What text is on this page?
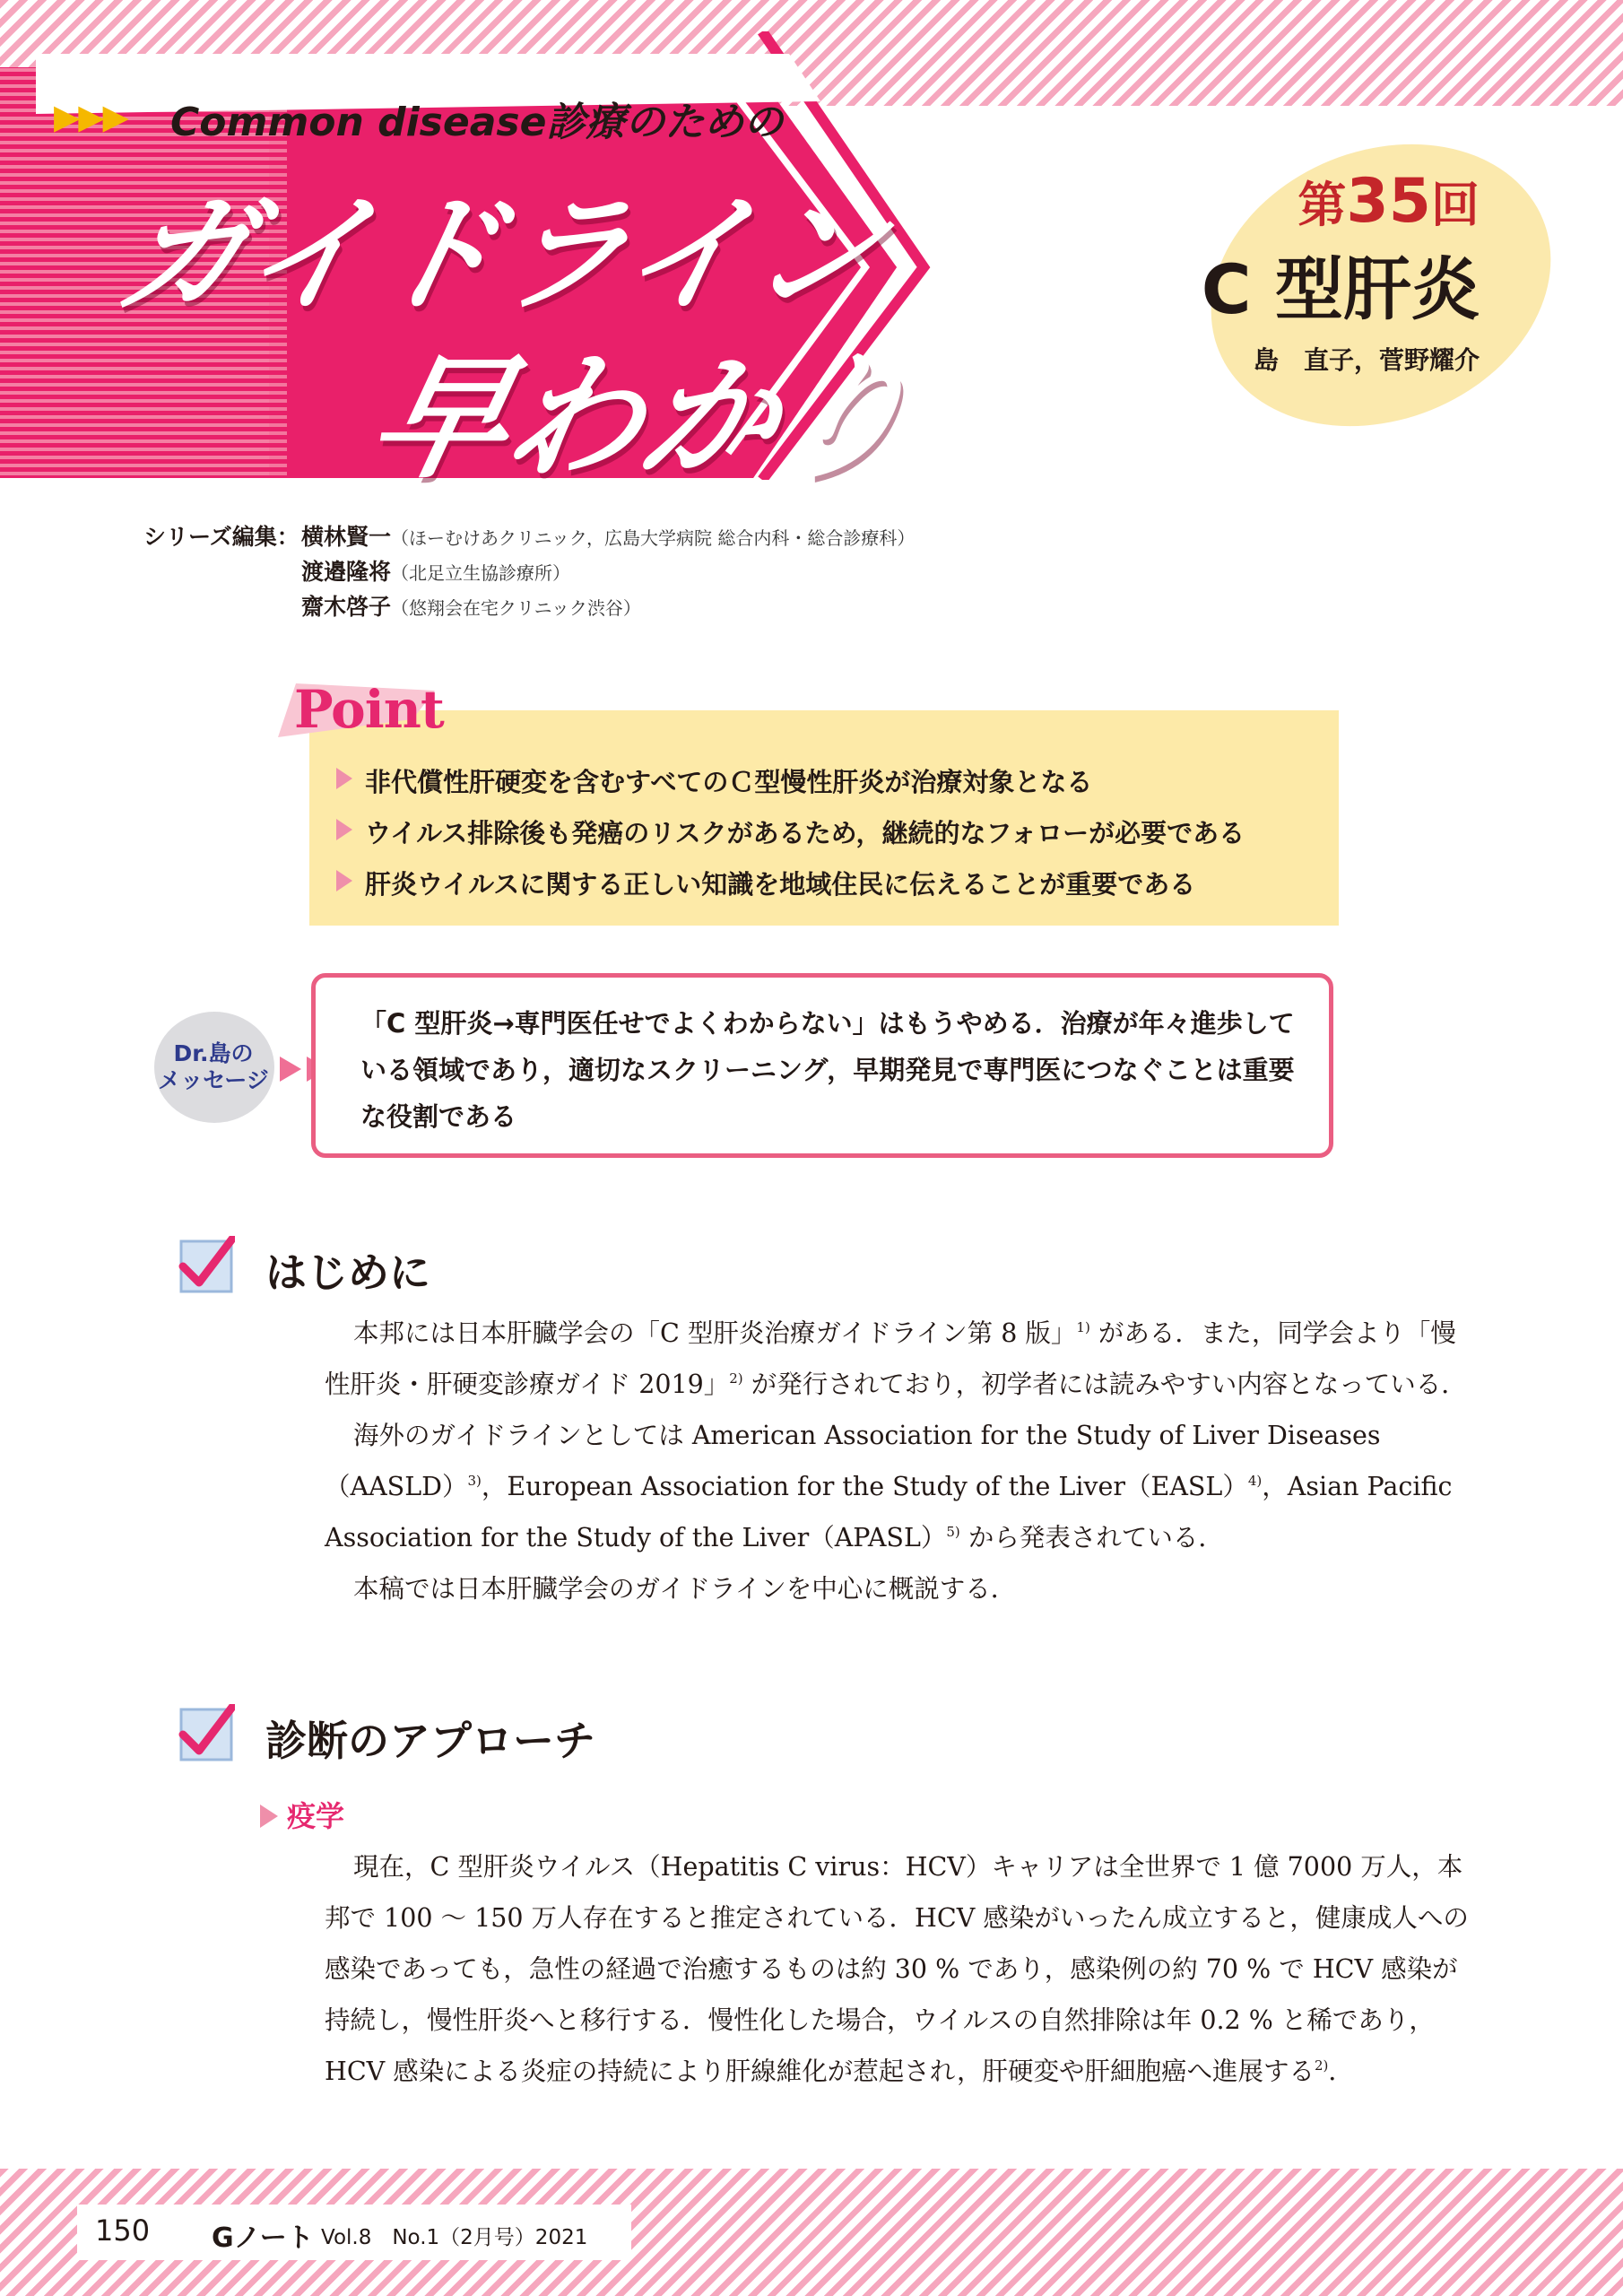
▶▶▶ Common disease診療のための
ガイドライン
早わかり
第35回
C 型肝炎
島　直子，菅野耀介
シリーズ編集：横林賢一（ほーむけあクリニック，広島大学病院 総合内科・総合診療科）
渡邉隆将（北足立生協診療所）
齋木啓子（悠翔会在宅クリニック渋谷）
Point
非代償性肝硬変を含むすべてのＣ型慢性肝炎が治療対象となる
ウイルス排除後も発癌のリスクがあるため，継続的なフォローが必要である
肝炎ウイルスに関する正しい知識を地域住民に伝えることが重要である
Dr.島の
メッセージ
「C 型肝炎→専門医任せでよくわからない」はもうやめる．治療が年々進歩して
いる領域であり，適切なスクリーニング，早期発見で専門医につなぐことは重要
な役割である
はじめに

本邦には日本肝臓学会の「C 型肝炎治療ガイドライン第 8 版」$^{1)}$ がある．また，同学会より「慢性肝炎・肝硬変診療ガイド 2019」$^{2)}$ が発行されており，初学者には読みやすい内容となっている．

海外のガイドラインとしては American Association for the Study of Liver Diseases（AASLD）$^{3)}$，European Association for the Study of the Liver（EASL）$^{4)}$，Asian Pacific Association for the Study of the Liver（APASL）$^{5)}$ から発表されている．

本稿では日本肝臓学会のガイドラインを中心に概説する．

診断のアプローチ
疫学

現在，C 型肝炎ウイルス（Hepatitis C virus：HCV）キャリアは全世界で 1 億 7000 万人，本邦で 100 ～ 150 万人存在すると推定されている．HCV 感染がいったん成立すると，健康成人への感染であっても，急性の経過で治癒するものは約 30 % であり，感染例の約 70 % で HCV 感染が持続し，慢性肝炎へと移行する．慢性化した場合，ウイルスの自然排除は年 0.2 % と稀であり，HCV 感染による炎症の持続により肝線維化が惹起され，肝硬変や肝細胞癌へ進展する$^{2)}$．

150 Gノート Vol.8　No.1（2月号）2021
